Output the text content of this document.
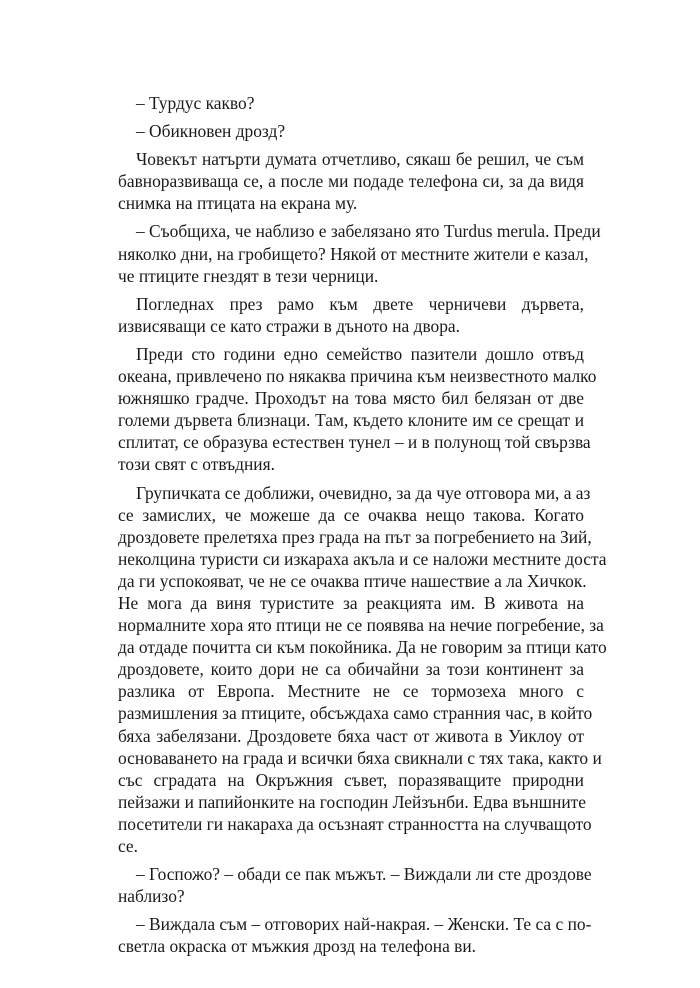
– Турдус какво?
– Обикновен дрозд?
Човекът натърти думата отчетливо, сякаш бе решил, че съм
бавноразвиваща се, а после ми подаде телефона си, за да видя
снимка на птицата на екрана му.
– Съобщиха, че наблизо е забелязано ято Turdus merula. Преди
няколко дни, на гробището? Някой от местните жители е казал,
че птиците гнездят в тези черници.
Погледнах през рамо към двете черничеви дървета,
извисяващи се като стражи в дъното на двора.
Преди сто години едно семейство пазители дошло отвъд
океана, привлечено по някаква причина към неизвестното малко
южняшко градче. Проходът на това място бил белязан от две
големи дървета близнаци. Там, където клоните им се срещат и
сплитат, се образува естествен тунел – и в полунощ той свързва
този свят с отвъдния.
Групичката се доближи, очевидно, за да чуе отговора ми, а аз
се замислих, че можеше да се очаква нещо такова. Когато
дроздовете прелетяха през града на път за погребението на Зий,
неколцина туристи си изкараха акъла и се наложи местните доста
да ги успокояват, че не се очаква птиче нашествие а ла Хичкок.
Не мога да виня туристите за реакцията им. В живота на
нормалните хора ято птици не се появява на нечие погребение, за
да отдаде почитта си към покойника. Да не говорим за птици като
дроздовете, които дори не са обичайни за този континент за
разлика от Европа. Местните не се тормозеха много с
размишления за птиците, обсъждаха само странния час, в който
бяха забелязани. Дроздовете бяха част от живота в Уиклоу от
основаването на града и всички бяха свикнали с тях така, както и
със сградата на Окръжния съвет, поразяващите природни
пейзажи и папийонките на господин Лейзънби. Едва външните
посетители ги накараха да осъзнаят странността на случващото
се.
– Госпожо? – обади се пак мъжът. – Виждали ли сте дроздове
наблизо?
– Виждала съм – отговорих най-накрая. – Женски. Те са с по-
светла окраска от мъжкия дрозд на телефона ви.
